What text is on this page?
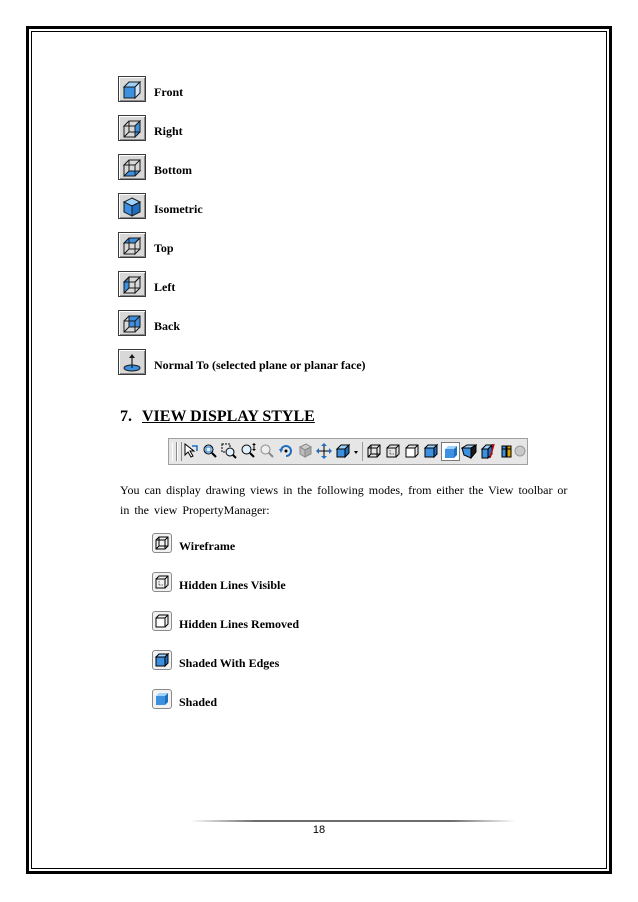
Front
Right
Bottom
Isometric
Top
Left
Back
Normal To (selected plane or planar face)
7. VIEW DISPLAY STYLE
You can display drawing views in the following modes, from either the View toolbar or
in the view PropertyManager:
Wireframe
Hidden Lines Visible
Hidden Lines Removed
Shaded With Edges
Shaded
18
